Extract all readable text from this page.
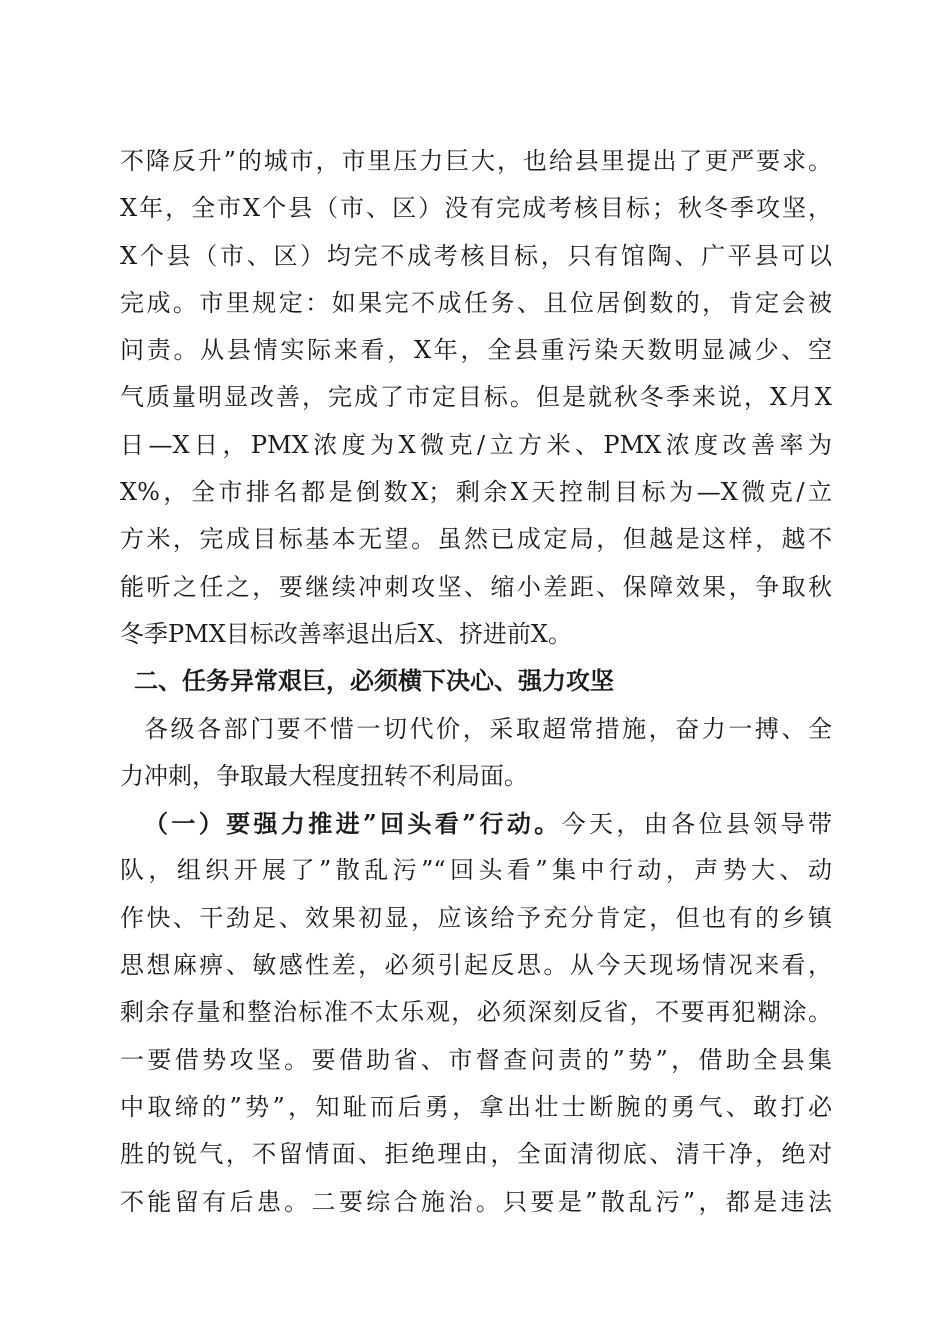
不降反升”的城市，市里压力巨大，也给县里提出了更严要求。
X年，全市X个县（市、区）没有完成考核目标；秋冬季攻坚，
X个县（市、区）均完不成考核目标，只有馆陶、广平县可以
完成。市里规定：如果完不成任务、且位居倒数的，肯定会被
问责。从县情实际来看，X年，全县重污染天数明显减少、空
气质量明显改善，完成了市定目标。但是就秋冬季来说，X月X
日—X日，PMX浓度为X微克/立方米、PMX浓度改善率为
X%，全市排名都是倒数X；剩余X天控制目标为—X微克/立
方米，完成目标基本无望。虽然已成定局，但越是这样，越不
能听之任之，要继续冲刺攻坚、缩小差距、保障效果，争取秋
冬季PMX目标改善率退出后X、挤进前X。
二、任务异常艰巨，必须横下决心、强力攻坚
各级各部门要不惜一切代价，采取超常措施，奋力一搏、全
力冲刺，争取最大程度扭转不利局面。
（一）要强力推进”回头看”行动。今天，由各位县领导带
队，组织开展了”散乱污”“回头看”集中行动，声势大、动
作快、干劲足、效果初显，应该给予充分肯定，但也有的乡镇
思想麻痹、敏感性差，必须引起反思。从今天现场情况来看，
剩余存量和整治标准不太乐观，必须深刻反省，不要再犯糊涂。
一要借势攻坚。要借助省、市督查问责的”势”，借助全县集
中取缔的”势”，知耻而后勇，拿出壮士断腕的勇气、敢打必
胜的锐气，不留情面、拒绝理由，全面清彻底、清干净，绝对
不能留有后患。二要综合施治。只要是”散乱污”，都是违法
